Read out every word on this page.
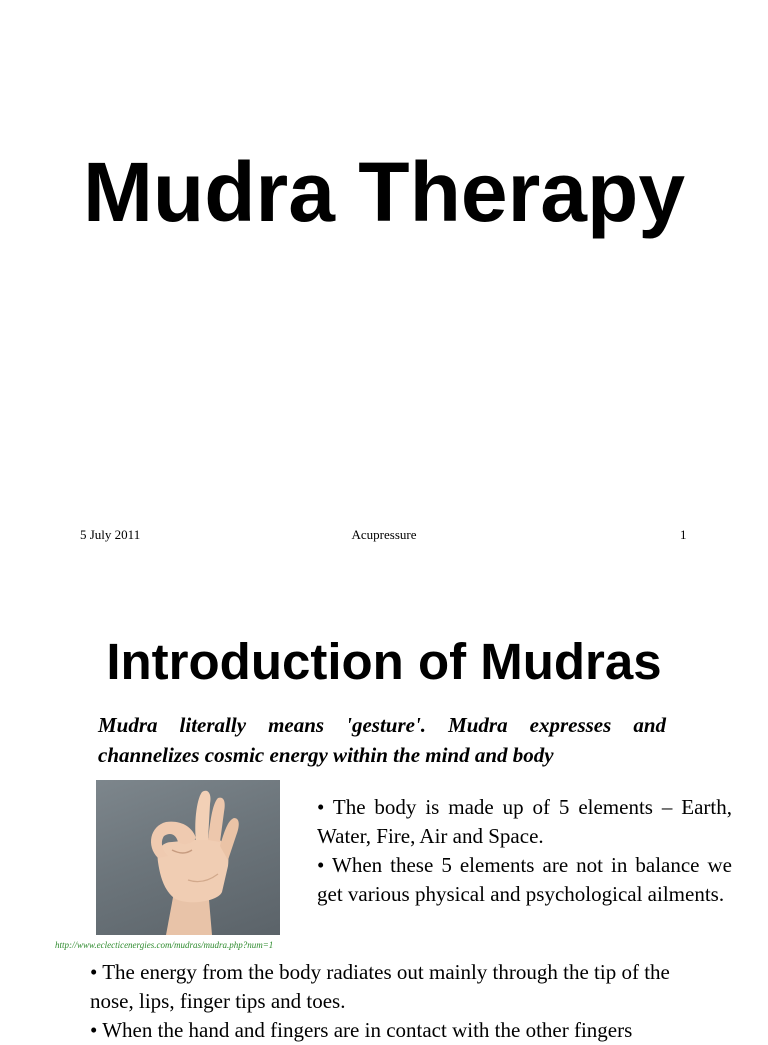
Mudra Therapy
5 July 2011	Acupressure	1
Introduction of Mudras
Mudra literally means 'gesture'. Mudra expresses and channelizes cosmic energy within the mind and body
http://www.eclecticenergies.com/mudras/mudra.php?num=1

• The body is made up of 5 elements – Earth, Water, Fire, Air and Space.

• When these 5 elements are not in balance we get various physical and psychological ailments.

• The energy from the body radiates out mainly through the tip of the nose, lips, finger tips and toes.

• When the hand and fingers are in contact with the other fingers
